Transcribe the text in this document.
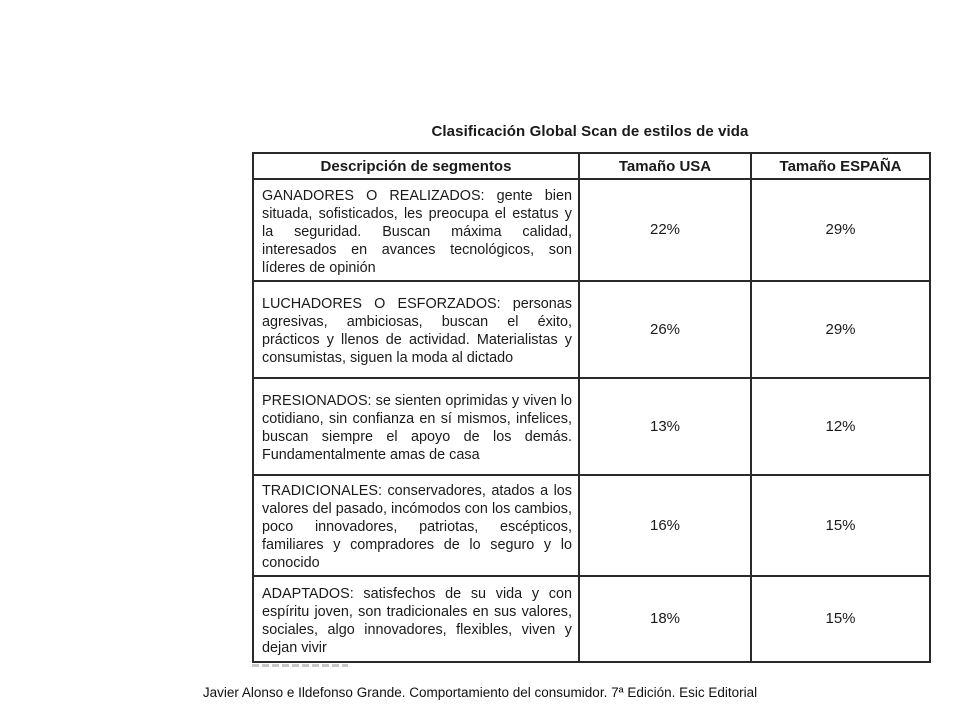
Clasificación Global Scan de estilos de vida
Descripción de segmentos	Tamaño USA	Tamaño ESPAÑA
GANADORES O REALIZADOS: gente bien situada, sofisticados, les preocupa el estatus y la seguridad. Buscan máxima calidad, interesados en avances tecnológicos, son líderes de opinión	22%	29%
LUCHADORES O ESFORZADOS: personas agresivas, ambiciosas, buscan el éxito, prácticos y llenos de actividad. Materialistas y consumistas, siguen la moda al dictado	26%	29%
PRESIONADOS: se sienten oprimidas y viven lo cotidiano, sin confianza en sí mismos, infelices, buscan siempre el apoyo de los demás. Fundamentalmente amas de casa	13%	12%
TRADICIONALES: conservadores, atados a los valores del pasado, incómodos con los cambios, poco innovadores, patriotas, escépticos, familiares y compradores de lo seguro y lo conocido	16%	15%
ADAPTADOS: satisfechos de su vida y con espíritu joven, son tradicionales en sus valores, sociales, algo innovadores, flexibles, viven y dejan vivir	18%	15%
Javier Alonso e Ildefonso Grande. Comportamiento del consumidor. 7ª Edición. Esic Editorial
